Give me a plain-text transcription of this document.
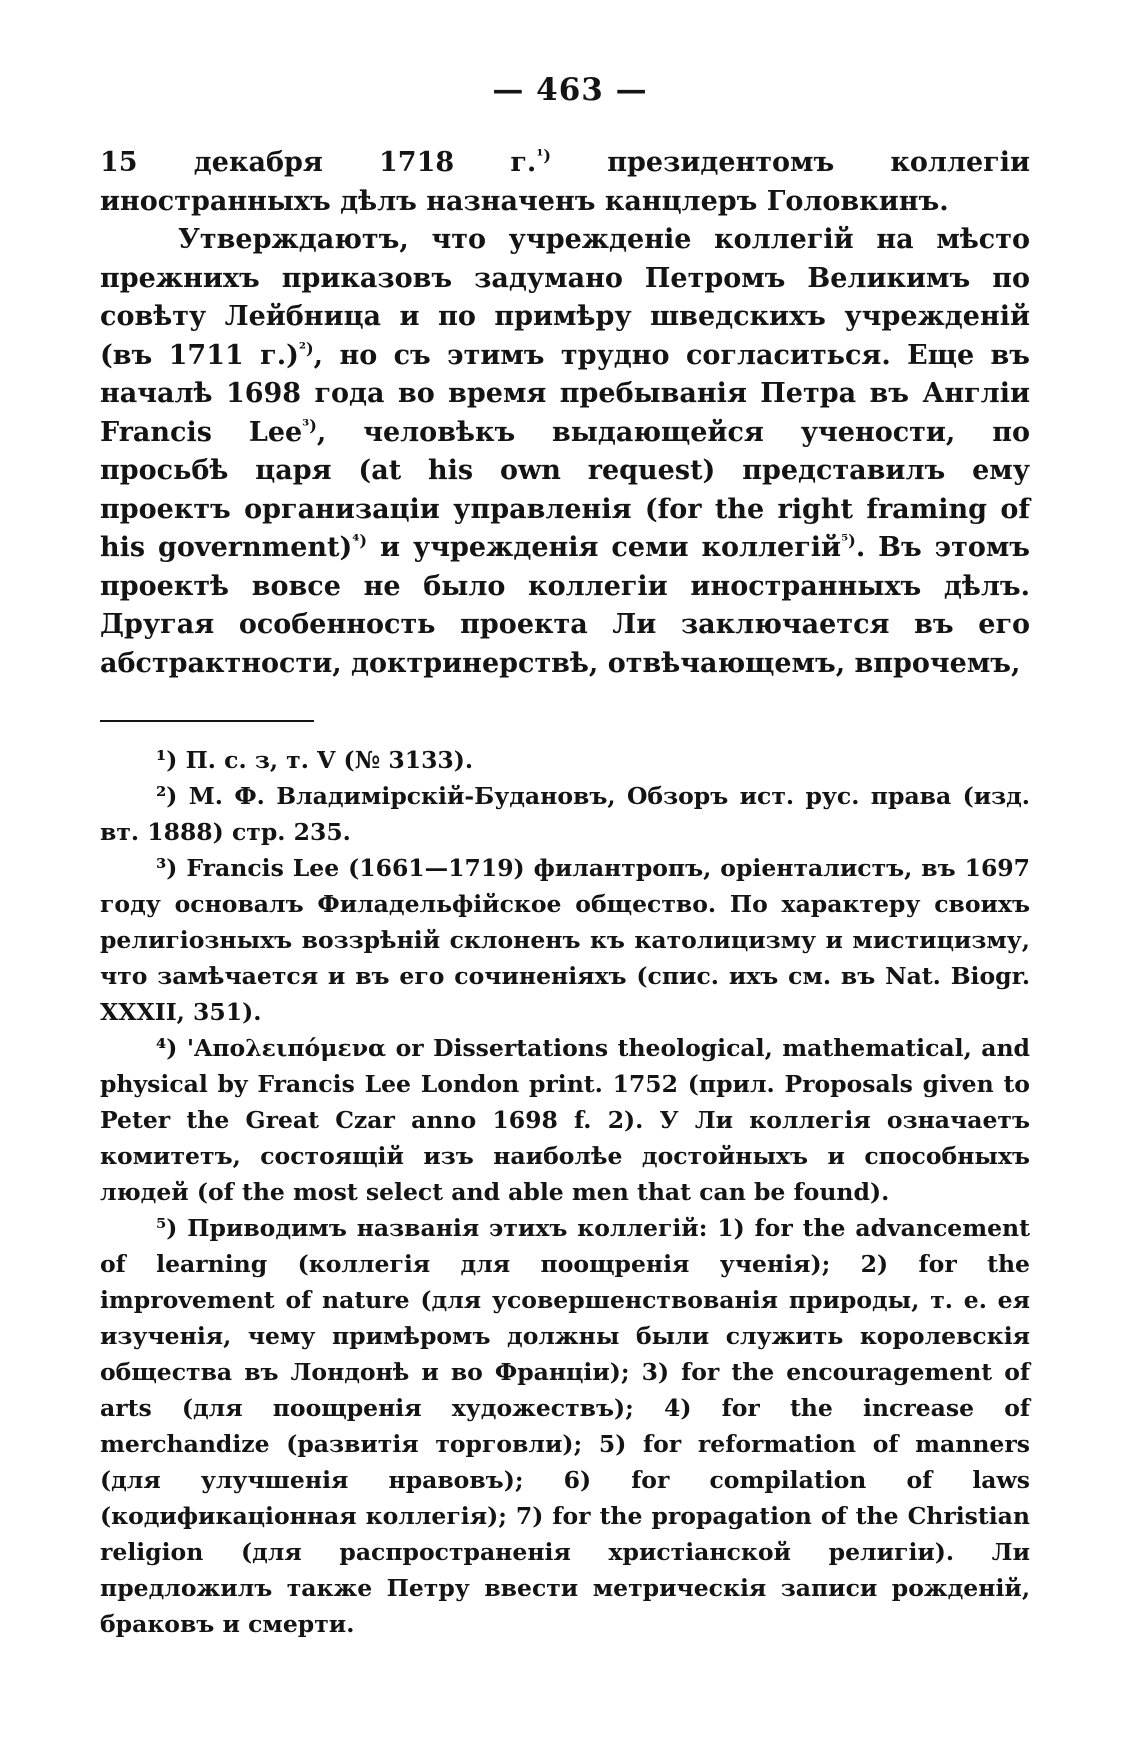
— 463 —

15 декабря 1718 г.$^{^1)}$ президентомъ коллегіи иностранныхъ дѣлъ назначенъ канцлеръ Головкинъ.

Утверждаютъ, что учрежденіе коллегій на мѣсто прежнихъ приказовъ задумано Петромъ Великимъ по совѣту Лейбница и по примѣру шведскихъ учрежденій (въ 1711 г.)$^{^2)}$, но съ этимъ трудно согласиться. Еще въ началѣ 1698 года во время пребыванія Петра въ Англіи Francis Lee$^{^3)}$, человѣкъ выдающейся учености, по просьбѣ царя (at his own request) представилъ ему проектъ организаціи управленія (for the right framing of his government)$^{^4)}$ и учрежденія семи коллегій$^{^5)}$. Въ этомъ проектѣ вовсе не было коллегіи иностранныхъ дѣлъ. Другая особенность проекта Ли заключается въ его абстрактности, доктринерствѣ, отвѣчающемъ, впрочемъ,

¹) П. с. з, т. V (№ 3133).

²) М. Ф. Владимірскій-Будановъ, Обзоръ ист. рус. права (изд. вт. 1888) стр. 235.

³) Francis Lee (1661—1719) филантропъ, оріенталистъ, въ 1697 году основалъ Филадельфійское общество. По характеру своихъ религіозныхъ воззрѣній склоненъ къ католицизму и мистицизму, что замѣчается и въ его сочиненіяхъ (спис. ихъ см. въ Nat. Biogr. XXXII, 351).

⁴) 'Απολειπόμενα or Dissertations theological, mathematical, and physical by Francis Lee London print. 1752 (прил. Proposals given to Peter the Great Czar anno 1698 f. 2). У Ли коллегія означаетъ комитетъ, состоящій изъ наиболѣе достойныхъ и способныхъ людей (of the most select and able men that can be found).

⁵) Приводимъ названія этихъ коллегій: 1) for the advancement of learning (коллегія для поощренія ученія); 2) for the improvement of nature (для усовершенствованія природы, т. е. ея изученія, чему примѣромъ должны были служить королевскія общества въ Лондонѣ и во Франціи); 3) for the encouragement of arts (для поощренія художествъ); 4) for the increase of merchandize (развитія торговли); 5) for reformation of manners (для улучшенія нравовъ); 6) for compilation of laws (кодификаціонная коллегія); 7) for the propagation of the Christian religion (для распространенія христіанской религіи). Ли предложилъ также Петру ввести метрическія записи рожденій, браковъ и смерти.
